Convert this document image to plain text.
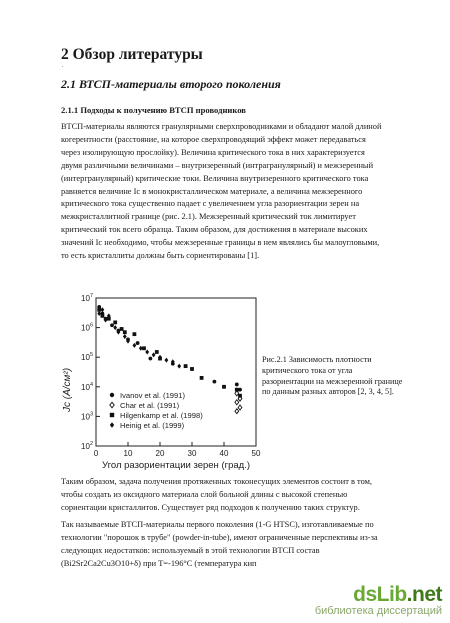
2 Обзор литературы
2.1 ВТСП-материалы второго поколения
2.1.1 Подходы к получению ВТСП проводников
ВТСП-материалы являются гранулярными сверхпроводниками и обладают малой длиной
когерентности (расстояние, на которое сверхпроводящий эффект может передаваться
через изолирующую прослойку). Величина критического тока в них характеризуется
двумя различными величинами – внутризеренный (интрагранулярный) и межзеренный
(интергранулярный) критические токи. Величина внутризеренного критического тока
равняется величине Ic в монокристаллическом материале, а величина межзеренного
критического тока существенно падает с увеличением угла разориентации зерен на
межкристаллитной границе (рис. 2.1). Межзеренный критический ток лимитирует
критический ток всего образца. Таким образом, для достижения в материале высоких
значений Ic необходимо, чтобы межзеренные границы в нем являлись бы малоугловыми,
то есть кристаллиты должны быть сориентированы [1].
$10^7$
$10^6$
$10^5$
$10^4$
$10^3$
$10^2$
0	10	20	30	40	50
Ivanov et al. (1991)
Char et al. (1991)
Hilgenkamp et al. (1998)
Heinig et al. (1999)
Jc (A/cм²)
Угол разориентации зерен (град.)
Рис.2.1 Зависимость плотности
критического тока от угла
разориентации на межзеренной границе
по данным разных авторов [2, 3, 4, 5].
Таким образом, задача получения протяженных токонесущих элементов состоит в том,
чтобы создать из оксидного материала слой больной длины с высокой степенью
сориентации кристаллитов. Существует ряд подходов к получению таких структур.
Так называемые ВТСП-материалы первого поколения (1-G HTSC), изготавливаемые по
технологии "порошок в трубе" (powder-in-tube), имеют ограниченные перспективы из-за
следующих недостатков: используемый в этой технологии ВТСП состав
(Bi2Sr2Ca2Cu3O10+δ) при T=-196°C (температура кип
dsLib.net
библиотека диссертаций
